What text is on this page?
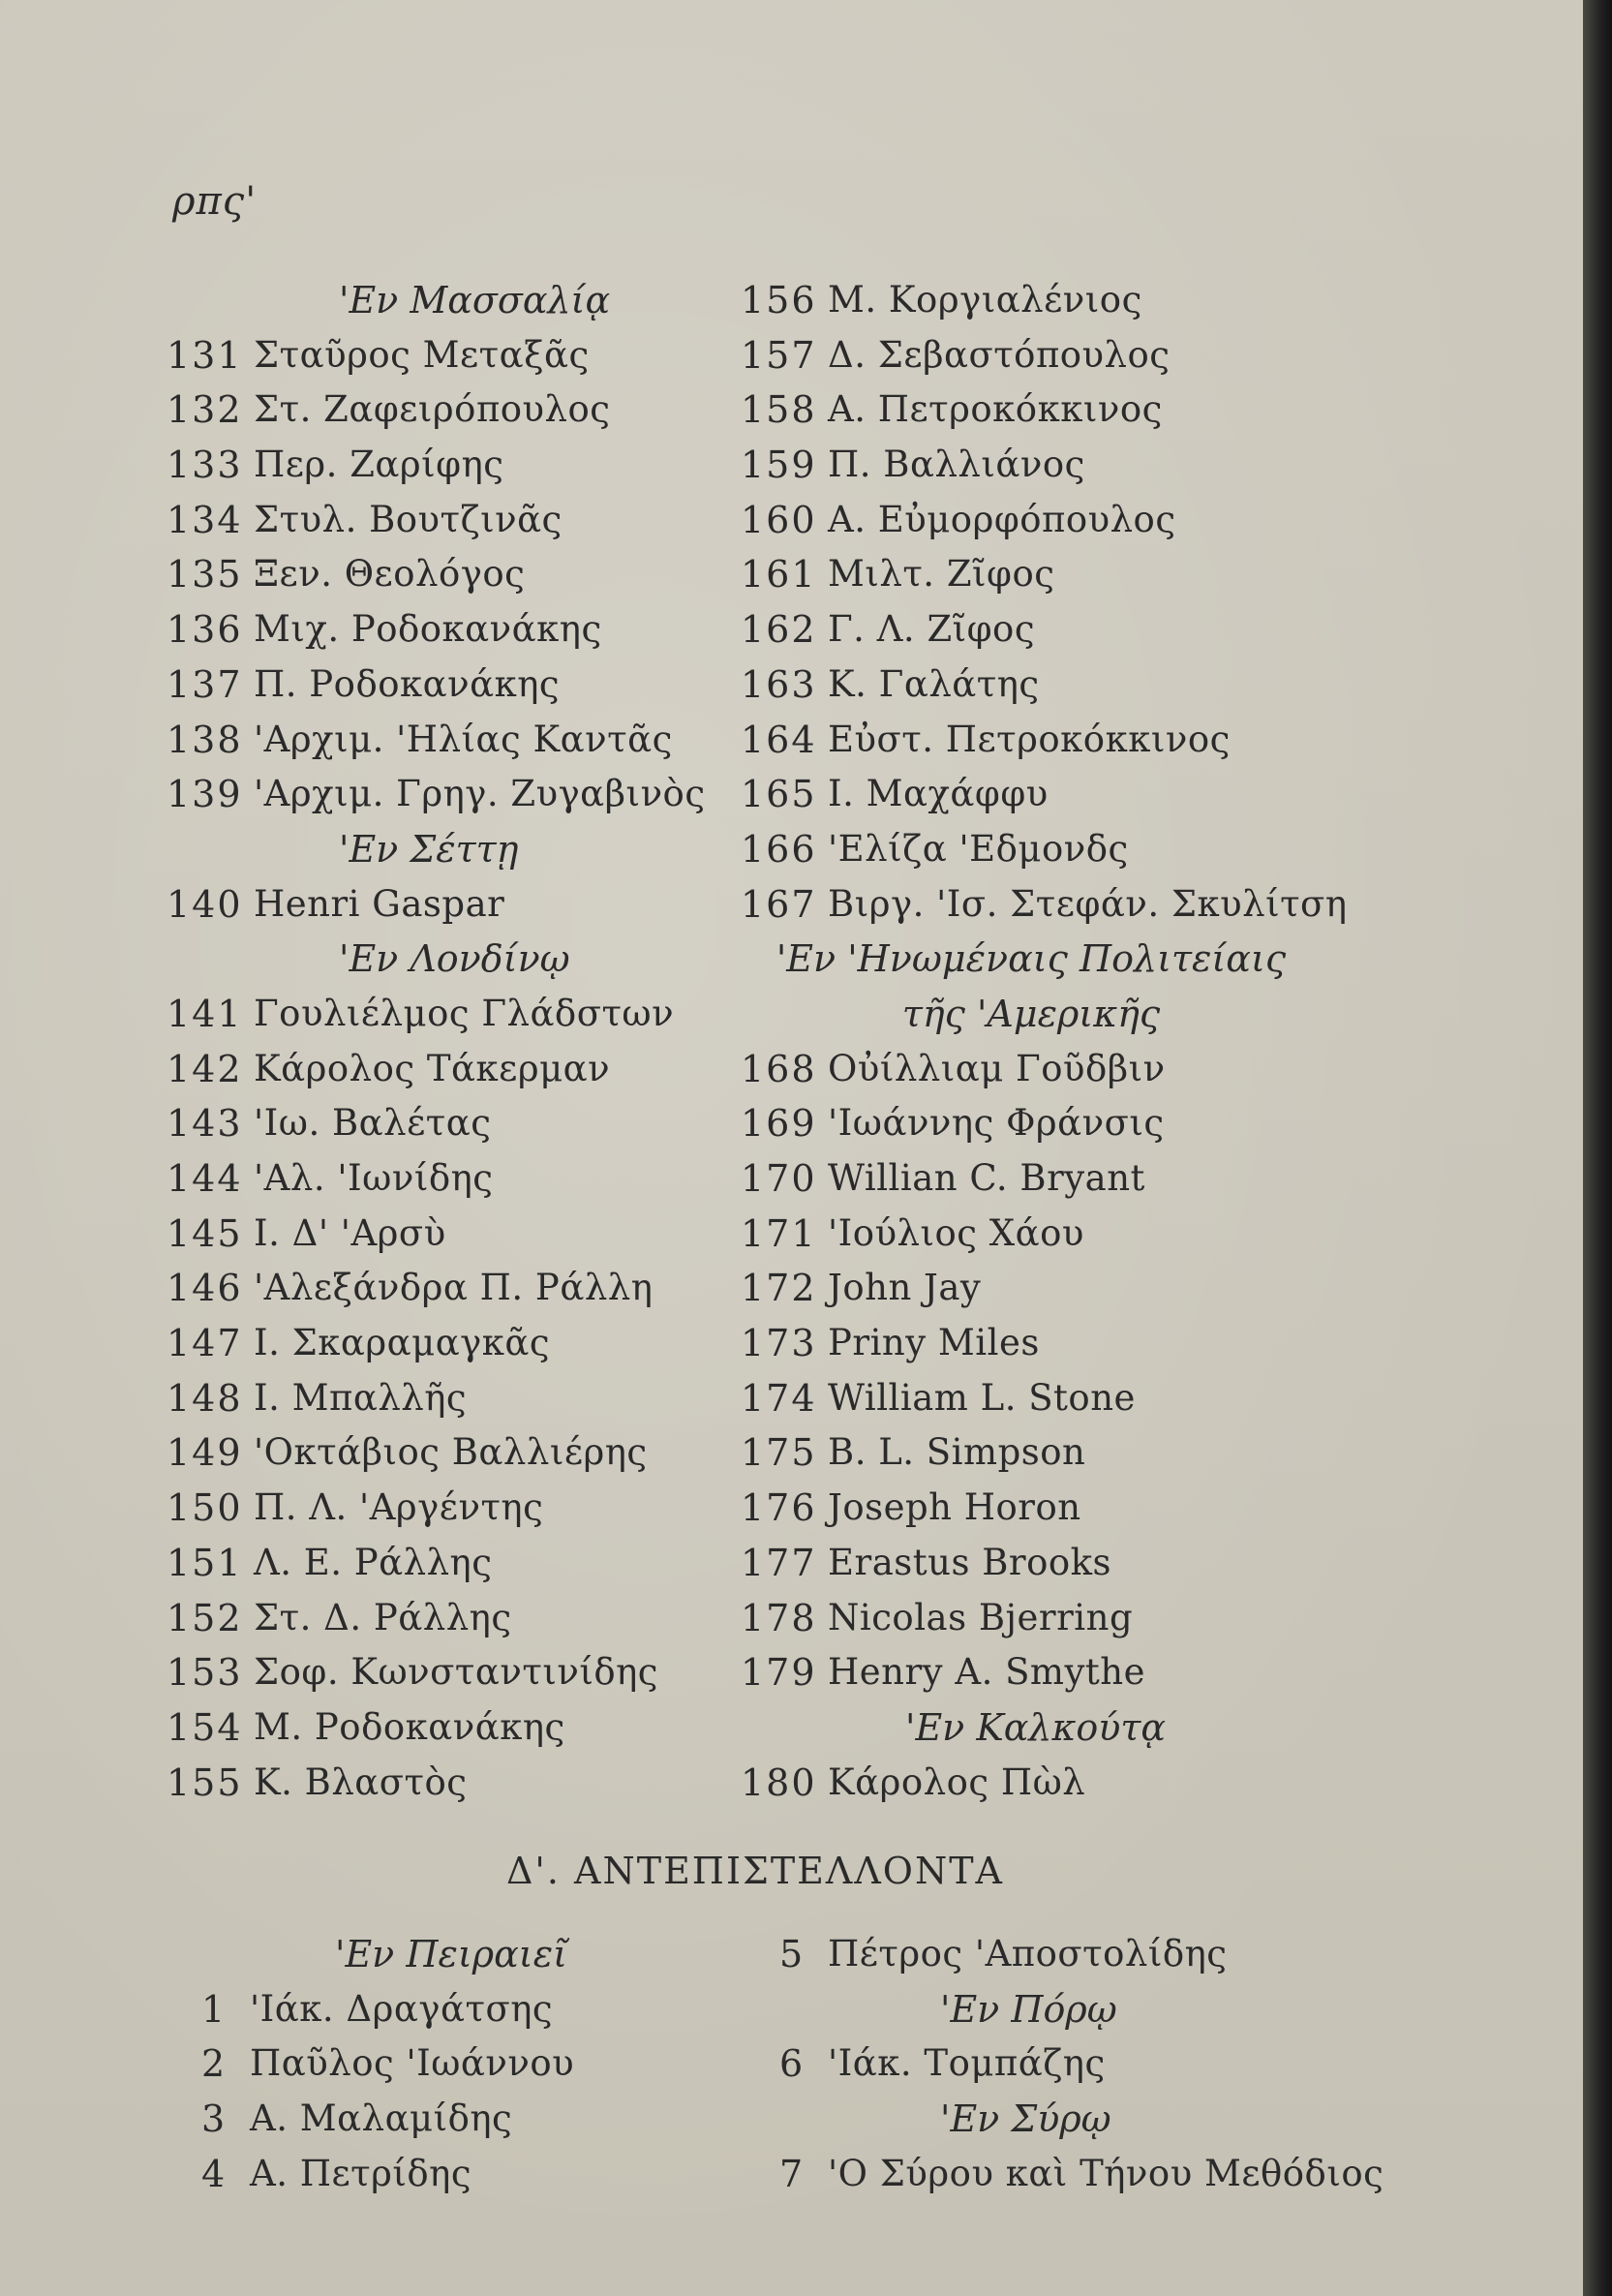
ρπς'
'Εν Μασσαλίᾳ
131 Σταῦρος Μεταξᾶς
132 Στ. Ζαφειρόπουλος
133 Περ. Ζαρίφης
134 Στυλ. Βουτζινᾶς
135 Ξεν. Θεολόγος
136 Μιχ. Ροδοκανάκης
137 Π. Ροδοκανάκης
138 'Αρχιμ. 'Ηλίας Καντᾶς
139 'Αρχιμ. Γρηγ. Ζυγαβινὸς
'Εν Σέττῃ
140 Henri Gaspar
'Εν Λονδίνῳ
141 Γουλιέλμος Γλάδστων
142 Κάρολος Τάκερμαν
143 'Ιω. Βαλέτας
144 'Αλ. 'Ιωνίδης
145 Ι. Δ' 'Αρσὺ
146 'Αλεξάνδρα Π. Ράλλη
147 Ι. Σκαραμαγκᾶς
148 Ι. Μπαλλῆς
149 'Οκτάβιος Βαλλιέρης
150 Π. Λ. 'Αργέντης
151 Λ. Ε. Ράλλης
152 Στ. Δ. Ράλλης
153 Σοφ. Κωνσταντινίδης
154 Μ. Ροδοκανάκης
155 Κ. Βλαστὸς
156 Μ. Κοργιαλένιος
157 Δ. Σεβαστόπουλος
158 Α. Πετροκόκκινος
159 Π. Βαλλιάνος
160 Α. Εὐμορφόπουλος
161 Μιλτ. Ζῖφος
162 Γ. Λ. Ζῖφος
163 Κ. Γαλάτης
164 Εὐστ. Πετροκόκκινος
165 Ι. Μαχάφφυ
166 'Ελίζα 'Εδμονδς
167 Βιργ. 'Ισ. Στεφάν. Σκυλίτση
'Εν 'Ηνωμέναις Πολιτείαις
τῆς 'Αμερικῆς
168 Οὐίλλιαμ Γοῦδβιν
169 'Ιωάννης Φράνσις
170 Willian C. Bryant
171 'Ιούλιος Χάου
172 John Jay
173 Priny Miles
174 William L. Stone
175 B. L. Simpson
176 Joseph Horon
177 Erastus Brooks
178 Nicolas Bjerring
179 Henry A. Smythe
'Εν Καλκούτᾳ
180 Κάρολος Πὼλ
Δ'. ΑΝΤΕΠΙΣΤΕΛΛΟΝΤΑ
'Εν Πειραιεῖ
1 'Ιάκ. Δραγάτσης
2 Παῦλος 'Ιωάννου
3 Α. Μαλαμίδης
4 Α. Πετρίδης
5 Πέτρος 'Αποστολίδης
'Εν Πόρῳ
6 'Ιάκ. Τομπάζης
'Εν Σύρῳ
7 'Ο Σύρου καὶ Τήνου Μεθόδιος
